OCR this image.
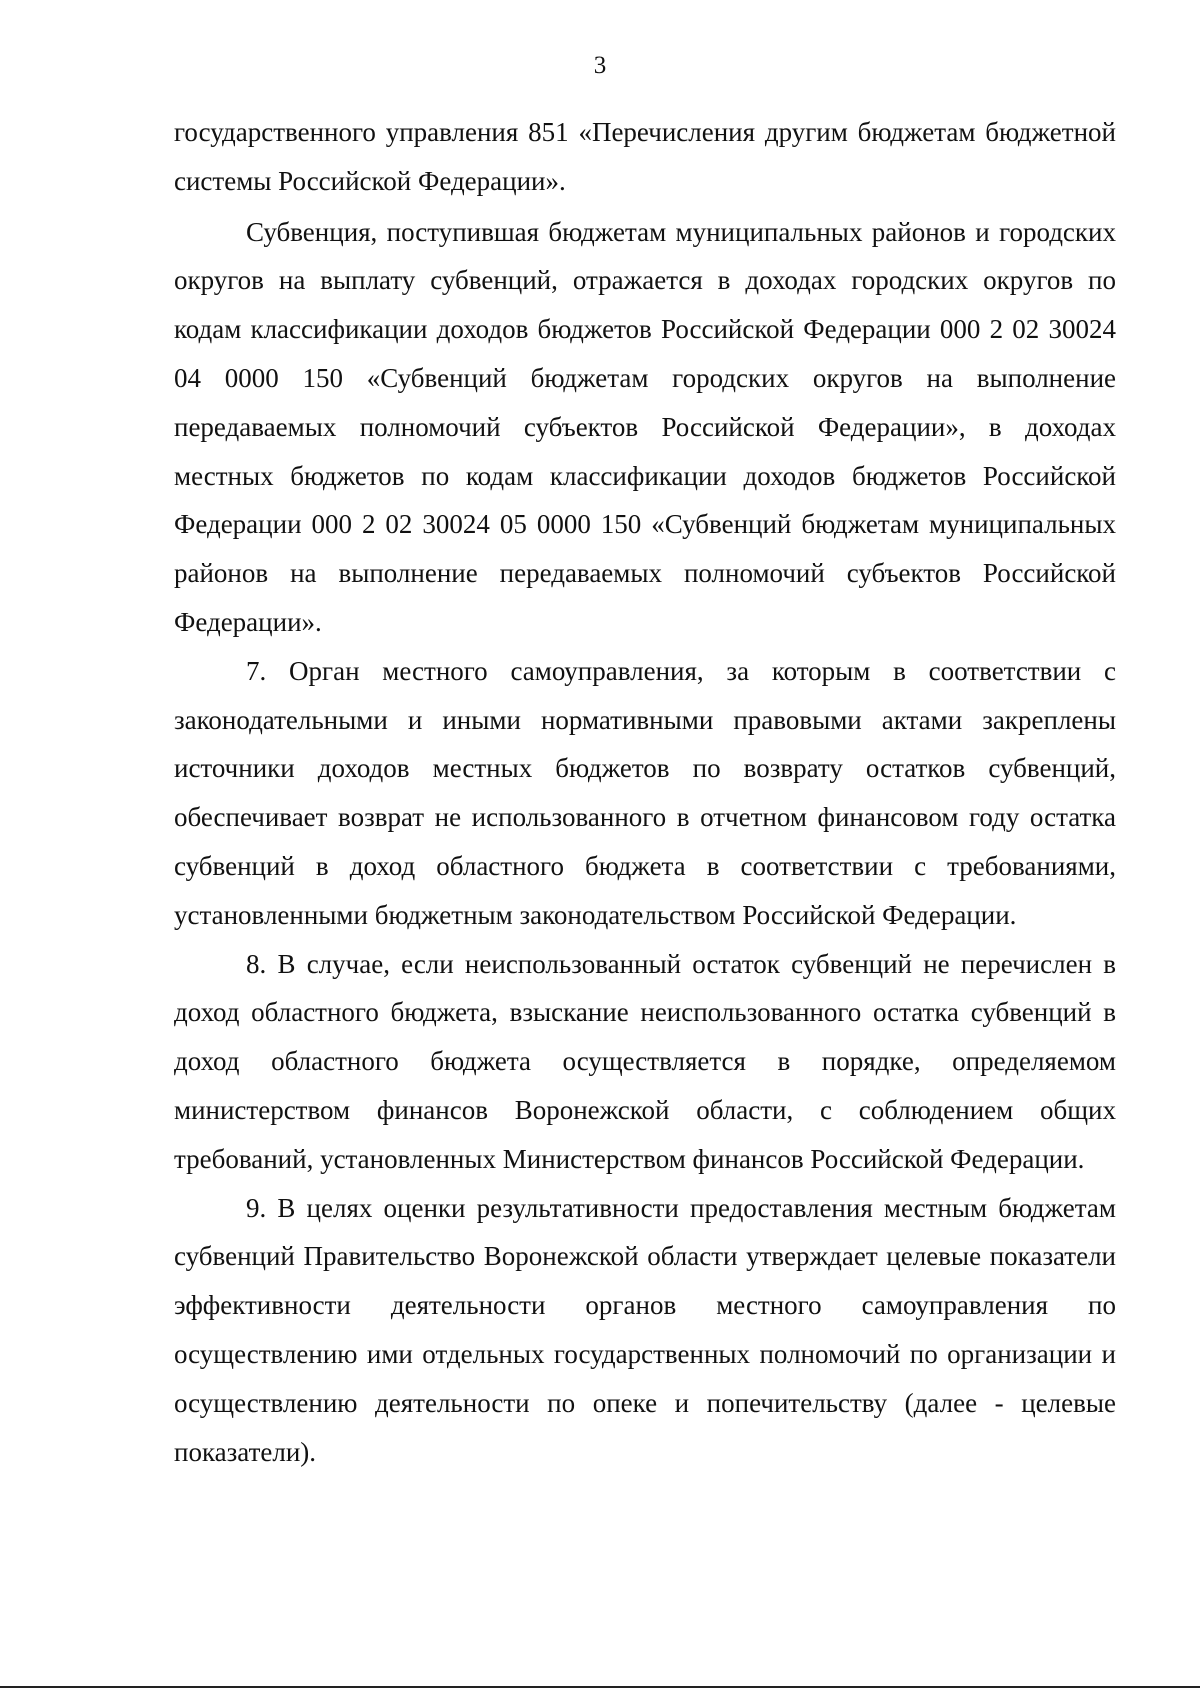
3

государственного управления 851 «Перечисления другим бюджетам бюджетной системы Российской Федерации».

Субвенция, поступившая бюджетам муниципальных районов и городских округов на выплату субвенций, отражается в доходах городских округов по кодам классификации доходов бюджетов Российской Федерации 000 2 02 30024 04 0000 150 «Субвенций бюджетам городских округов на выполнение передаваемых полномочий субъектов Российской Федерации», в доходах местных бюджетов по кодам классификации доходов бюджетов Российской Федерации 000 2 02 30024 05 0000 150 «Субвенций бюджетам муниципальных районов на выполнение передаваемых полномочий субъектов Российской Федерации».

7. Орган местного самоуправления, за которым в соответствии с законодательными и иными нормативными правовыми актами закреплены источники доходов местных бюджетов по возврату остатков субвенций, обеспечивает возврат не использованного в отчетном финансовом году остатка субвенций в доход областного бюджета в соответствии с требованиями, установленными бюджетным законодательством Российской Федерации.

8. В случае, если неиспользованный остаток субвенций не перечислен в доход областного бюджета, взыскание неиспользованного остатка субвенций в доход областного бюджета осуществляется в порядке, определяемом министерством финансов Воронежской области, с соблюдением общих требований, установленных Министерством финансов Российской Федерации.

9. В целях оценки результативности предоставления местным бюджетам субвенций Правительство Воронежской области утверждает целевые показатели эффективности деятельности органов местного самоуправления по осуществлению ими отдельных государственных полномочий по организации и осуществлению деятельности по опеке и попечительству (далее - целевые показатели).
